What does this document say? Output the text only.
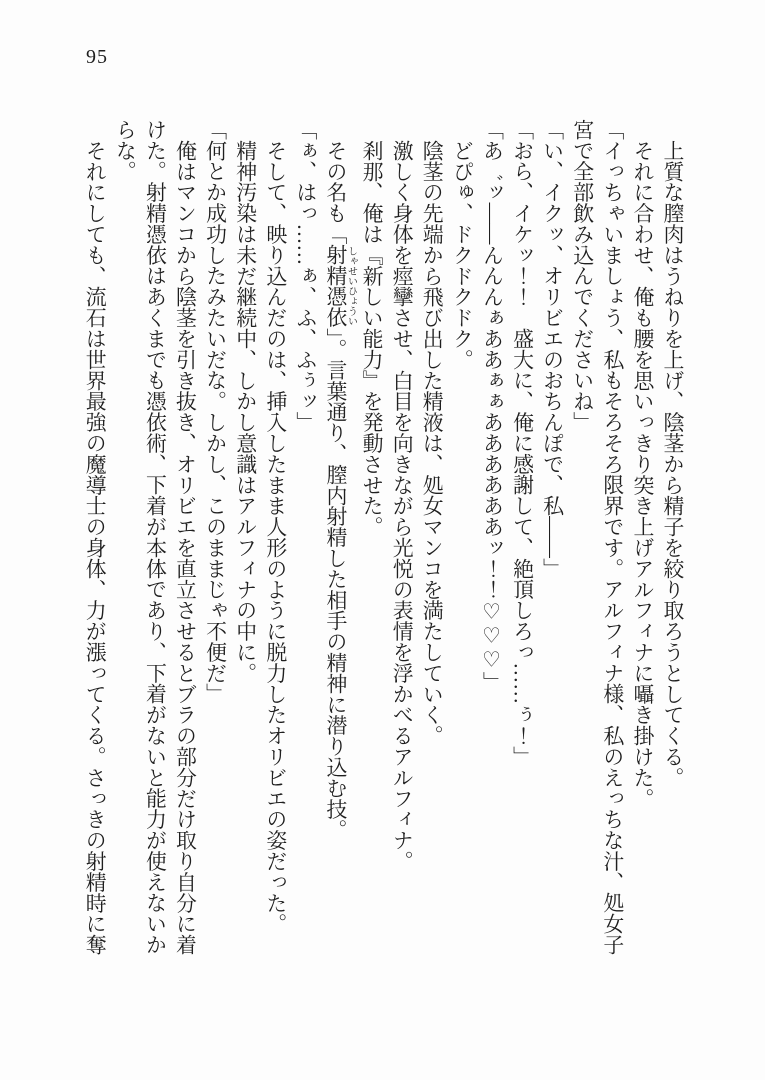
95
上質な膣肉はうねりを上げ、陰茎から精子を絞り取ろうとしてくる。
それに合わせ、俺も腰を思いっきり突き上げアルフィナに囁き掛けた。
「イっちゃいましょう、私もそろそろ限界です。アルフィナ様、私のえっちな汁、処女子
宮で全部飲み込んでくださいね」
「い、イクッ、オリビエのおちんぽで、私――」
「おら、イケッ！！　盛大に、俺に感謝して、絶頂しろっ……ぅ！」
「あ゛ッ――んんんぁああぁぁああああああッ！！♡♡♡」
どぴゅ、ドクドクドク。
陰茎の先端から飛び出した精液は、処女マンコを満たしていく。
激しく身体を痙攣させ、白目を向きながら光悦の表情を浮かべるアルフィナ。
刹那、俺は『新しい能力』を発動させた。
その名も「射精憑依しゃせいひょうい」。言葉通り、膣内射精した相手の精神に潜り込む技。
「ぁ、はっ……ぁ、ふ、ふぅッ」
そして、映り込んだのは、挿入したまま人形のように脱力したオリビエの姿だった。
精神汚染は未だ継続中、しかし意識はアルフィナの中に。
「何とか成功したみたいだな。しかし、このままじゃ不便だ」
俺はマンコから陰茎を引き抜き、オリビエを直立させるとブラの部分だけ取り自分に着
けた。射精憑依はあくまでも憑依術、下着が本体であり、下着がないと能力が使えないか
らな。
それにしても、流石は世界最強の魔導士の身体、力が漲ってくる。さっきの射精時に奪
